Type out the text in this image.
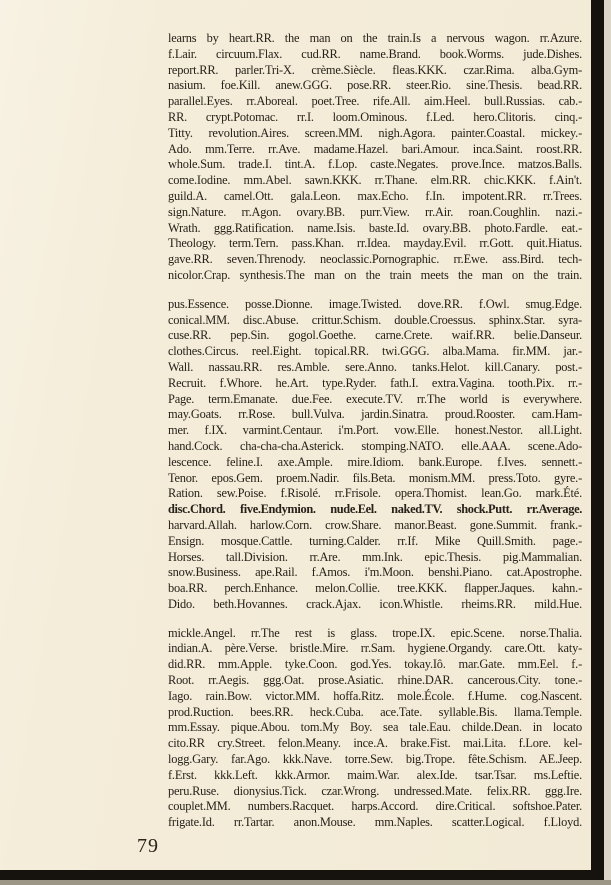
learns by heart.RR. the man on the train.Is a nervous wagon. rr.Azure.
f.Lair. circuum.Flax. cud.RR. name.Brand. book.Worms. jude.Dishes.
report.RR. parler.Tri-X. crème.Siècle. fleas.KKK. czar.Rima. alba.Gym-
nasium. foe.Kill. anew.GGG. pose.RR. steer.Rio. sine.Thesis. bead.RR.
parallel.Eyes. rr.Aboreal. poet.Tree. rife.All. aim.Heel. bull.Russias. cab.-
RR. crypt.Potomac. rr.I. loom.Ominous. f.Led. hero.Clitoris. cinq.-
Titty. revolution.Aires. screen.MM. nigh.Agora. painter.Coastal. mickey.-
Ado. mm.Terre. rr.Ave. madame.Hazel. bari.Amour. inca.Saint. roost.RR.
whole.Sum. trade.I. tint.A. f.Lop. caste.Negates. prove.Ince. matzos.Balls.
come.Iodine. mm.Abel. sawn.KKK. rr.Thane. elm.RR. chic.KKK. f.Ain't.
guild.A. camel.Ott. gala.Leon. max.Echo. f.In. impotent.RR. rr.Trees.
sign.Nature. rr.Agon. ovary.BB. purr.View. rr.Air. roan.Coughlin. nazi.-
Wrath. ggg.Ratification. name.Isis. baste.Id. ovary.BB. photo.Fardle. eat.-
Theology. term.Tern. pass.Khan. rr.Idea. mayday.Evil. rr.Gott. quit.Hiatus.
gave.RR. seven.Threnody. neoclassic.Pornographic. rr.Ewe. ass.Bird. tech-
nicolor.Crap. synthesis.The man on the train meets the man on the train.
pus.Essence. posse.Dionne. image.Twisted. dove.RR. f.Owl. smug.Edge.
conical.MM. disc.Abuse. crittur.Schism. double.Croessus. sphinx.Star. syra-
cuse.RR. pep.Sin. gogol.Goethe. carne.Crete. waif.RR. belie.Danseur.
clothes.Circus. reel.Eight. topical.RR. twi.GGG. alba.Mama. fir.MM. jar.-
Wall. nassau.RR. res.Amble. sere.Anno. tanks.Helot. kill.Canary. post.-
Recruit. f.Whore. he.Art. type.Ryder. fath.I. extra.Vagina. tooth.Pix. rr.-
Page. term.Emanate. due.Fee. execute.TV. rr.The world is everywhere.
may.Goats. rr.Rose. bull.Vulva. jardin.Sinatra. proud.Rooster. cam.Ham-
mer. f.IX. varmint.Centaur. i'm.Port. vow.Elle. honest.Nestor. all.Light.
hand.Cock. cha-cha-cha.Asterick. stomping.NATO. elle.AAA. scene.Ado-
lescence. feline.I. axe.Ample. mire.Idiom. bank.Europe. f.Ives. sennett.-
Tenor. epos.Gem. proem.Nadir. fils.Beta. monism.MM. press.Toto. gyre.-
Ration. sew.Poise. f.Risolé. rr.Frisole. opera.Thomist. lean.Go. mark.Été.
disc.Chord. five.Endymion. nude.Eel. naked.TV. shock.Putt. rr.Average.
harvard.Allah. harlow.Corn. crow.Share. manor.Beast. gone.Summit. frank.-
Ensign. mosque.Cattle. turning.Calder. rr.If. Mike Quill.Smith. page.-
Horses. tall.Division. rr.Are. mm.Ink. epic.Thesis. pig.Mammalian.
snow.Business. ape.Rail. f.Amos. i'm.Moon. benshi.Piano. cat.Apostrophe.
boa.RR. perch.Enhance. melon.Collie. tree.KKK. flapper.Jaques. kahn.-
Dido. beth.Hovannes. crack.Ajax. icon.Whistle. rheims.RR. mild.Hue.
mickle.Angel. rr.The rest is glass. trope.IX. epic.Scene. norse.Thalia.
indian.A. père.Verse. bristle.Mire. rr.Sam. hygiene.Organdy. care.Ott. katy-
did.RR. mm.Apple. tyke.Coon. god.Yes. tokay.Iô. mar.Gate. mm.Eel. f.-
Root. rr.Aegis. ggg.Oat. prose.Asiatic. rhine.DAR. cancerous.City. tone.-
Iago. rain.Bow. victor.MM. hoffa.Ritz. mole.École. f.Hume. cog.Nascent.
prod.Ruction. bees.RR. heck.Cuba. ace.Tate. syllable.Bis. llama.Temple.
mm.Essay. pique.Abou. tom.My Boy. sea tale.Eau. childe.Dean. in locato
cito.RR cry.Street. felon.Meany. ince.A. brake.Fist. mai.Lita. f.Lore. kel-
logg.Gary. far.Ago. kkk.Nave. torre.Sew. big.Trope. fête.Schism. AE.Jeep.
f.Erst. kkk.Left. kkk.Armor. maim.War. alex.Ide. tsar.Tsar. ms.Leftie.
peru.Ruse. dionysius.Tick. czar.Wrong. undressed.Mate. felix.RR. ggg.Ire.
couplet.MM. numbers.Racquet. harps.Accord. dire.Critical. softshoe.Pater.
frigate.Id. rr.Tartar. anon.Mouse. mm.Naples. scatter.Logical. f.Lloyd.
79
